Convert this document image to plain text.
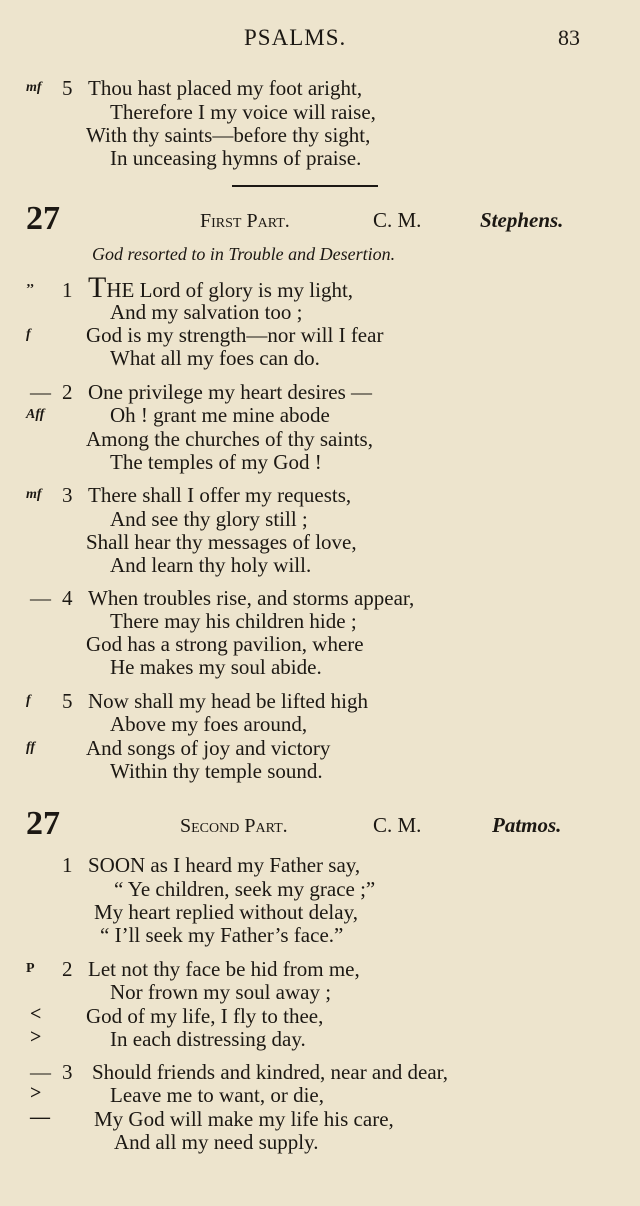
PSALMS.	83
mf 5 Thou hast placed my foot aright,
Therefore I my voice will raise,
With thy saints—before thy sight,
In unceasing hymns of praise.
27	First Part.	C. M.	Stephens.
God resorted to in Trouble and Desertion.
’’ 1 THE Lord of glory is my light,
And my salvation too ;
f	God is my strength—nor will I fear
What all my foes can do.
— 2 One privilege my heart desires —
Aff	Oh ! grant me mine abode
Among the churches of thy saints,
The temples of my God !
mf 3 There shall I offer my requests,
And see thy glory still ;
Shall hear thy messages of love,
And learn thy holy will.
— 4 When troubles rise, and storms appear,
There may his children hide ;
God has a strong pavilion, where
He makes my soul abide.
f 5 Now shall my head be lifted high
Above my foes around,
ff And songs of joy and victory
Within thy temple sound.
27	Second Part.	C. M.	Patmos.
1 SOON as I heard my Father say,
“ Ye children, seek my grace ;”
My heart replied without delay,
“ I’ll seek my Father’s face.”
P 2 Let not thy face be hid from me,
Nor frown my soul away ;
< God of my life, I fly to thee,
>	In each distressing day.
— 3 Should friends and kindred, near and dear,
>	Leave me to want, or die,
— My God will make my life his care,
And all my need supply.
